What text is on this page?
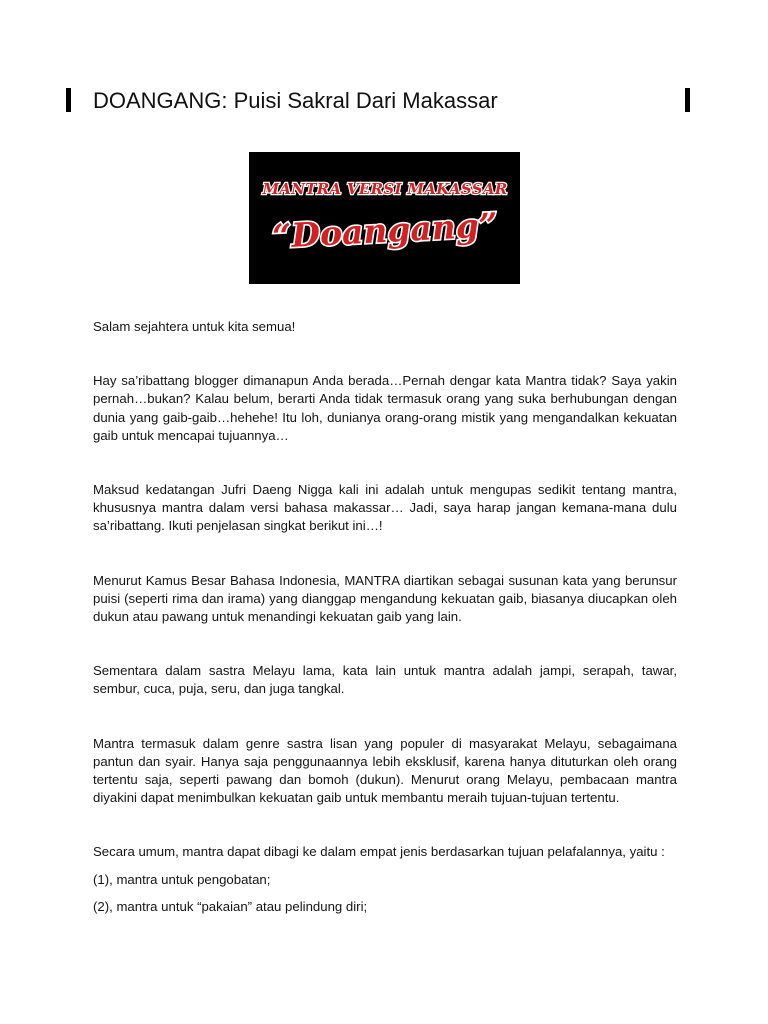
DOANGANG: Puisi Sakral Dari Makassar
MANTRA VERSI MAKASSAR
“Doangang”

Salam sejahtera untuk kita semua!

Hay sa’ribattang blogger dimanapun Anda berada…Pernah dengar kata Mantra tidak? Saya yakin pernah…bukan? Kalau belum, berarti Anda tidak termasuk orang yang suka berhubungan dengan dunia yang gaib-gaib…hehehe! Itu loh, dunianya orang-orang mistik yang mengandalkan kekuatan gaib untuk mencapai tujuannya…

Maksud kedatangan Jufri Daeng Nigga kali ini adalah untuk mengupas sedikit tentang mantra, khususnya mantra dalam versi bahasa makassar… Jadi, saya harap jangan kemana-mana dulu sa’ribattang. Ikuti penjelasan singkat berikut ini…!

Menurut Kamus Besar Bahasa Indonesia, MANTRA diartikan sebagai susunan kata yang berunsur puisi (seperti rima dan irama) yang dianggap mengandung kekuatan gaib, biasanya diucapkan oleh dukun atau pawang untuk menandingi kekuatan gaib yang lain.

Sementara dalam sastra Melayu lama, kata lain untuk mantra adalah jampi, serapah, tawar, sembur, cuca, puja, seru, dan juga tangkal.

Mantra termasuk dalam genre sastra lisan yang populer di masyarakat Melayu, sebagaimana pantun dan syair. Hanya saja penggunaannya lebih eksklusif, karena hanya dituturkan oleh orang tertentu saja, seperti pawang dan bomoh (dukun). Menurut orang Melayu, pembacaan mantra diyakini dapat menimbulkan kekuatan gaib untuk membantu meraih tujuan-tujuan tertentu.

Secara umum, mantra dapat dibagi ke dalam empat jenis berdasarkan tujuan pelafalannya, yaitu :

(1), mantra untuk pengobatan;

(2), mantra untuk “pakaian” atau pelindung diri;
